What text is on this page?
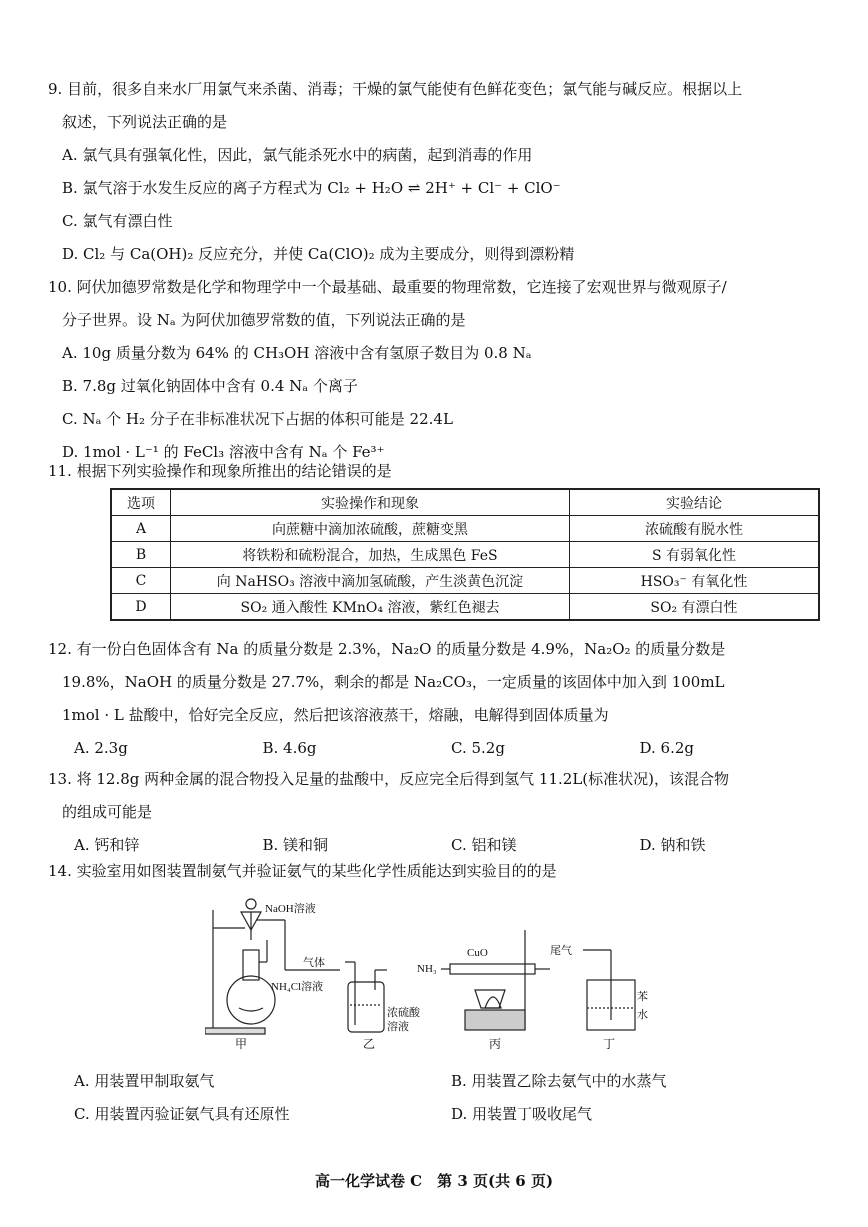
9. 目前，很多自来水厂用氯气来杀菌、消毒；干燥的氯气能使有色鲜花变色；氯气能与碱反应。根据以上
叙述，下列说法正确的是
A. 氯气具有强氧化性，因此，氯气能杀死水中的病菌，起到消毒的作用
B. 氯气溶于水发生反应的离子方程式为 Cl₂ + H₂O ⇌ 2H⁺ + Cl⁻ + ClO⁻
C. 氯气有漂白性
D. Cl₂ 与 Ca(OH)₂ 反应充分，并使 Ca(ClO)₂ 成为主要成分，则得到漂粉精
10. 阿伏加德罗常数是化学和物理学中一个最基础、最重要的物理常数，它连接了宏观世界与微观原子/
分子世界。设 Nₐ 为阿伏加德罗常数的值，下列说法正确的是
A. 10g 质量分数为 64% 的 CH₃OH 溶液中含有氢原子数目为 0.8 Nₐ
B. 7.8g 过氧化钠固体中含有 0.4 Nₐ 个离子
C. Nₐ 个 H₂ 分子在非标准状况下占据的体积可能是 22.4L
D. 1mol · L⁻¹ 的 FeCl₃ 溶液中含有 Nₐ 个 Fe³⁺
11. 根据下列实验操作和现象所推出的结论错误的是
选项	实验操作和现象	实验结论
A	向蔗糖中滴加浓硫酸，蔗糖变黑	浓硫酸有脱水性
B	将铁粉和硫粉混合，加热，生成黑色 FeS	S 有弱氧化性
C	向 NaHSO₃ 溶液中滴加氢硫酸，产生淡黄色沉淀	HSO₃⁻ 有氧化性
D	SO₂ 通入酸性 KMnO₄ 溶液，紫红色褪去	SO₂ 有漂白性
12. 有一份白色固体含有 Na 的质量分数是 2.3%，Na₂O 的质量分数是 4.9%，Na₂O₂ 的质量分数是
19.8%，NaOH 的质量分数是 27.7%，剩余的都是 Na₂CO₃，一定质量的该固体中加入到 100mL
1mol · L 盐酸中，恰好完全反应，然后把该溶液蒸干，熔融，电解得到固体质量为
A. 2.3g	B. 4.6g	C. 5.2g	D. 6.2g
13. 将 12.8g 两种金属的混合物投入足量的盐酸中，反应完全后得到氢气 11.2L(标准状况)，该混合物
的组成可能是
A. 钙和锌	B. 镁和铜	C. 铝和镁	D. 钠和铁
14. 实验室用如图装置制氨气并验证氨气的某些化学性质能达到实验目的的是
NaOH溶液
NH₄Cl溶液
甲
气体
浓硫酸
溶液
乙
CuO
NH₃
丙
尾气
苯
水
丁
A. 用装置甲制取氨气	B. 用装置乙除去氨气中的水蒸气
C. 用装置丙验证氨气具有还原性	D. 用装置丁吸收尾气
高一化学试卷 C　第 3 页(共 6 页)
